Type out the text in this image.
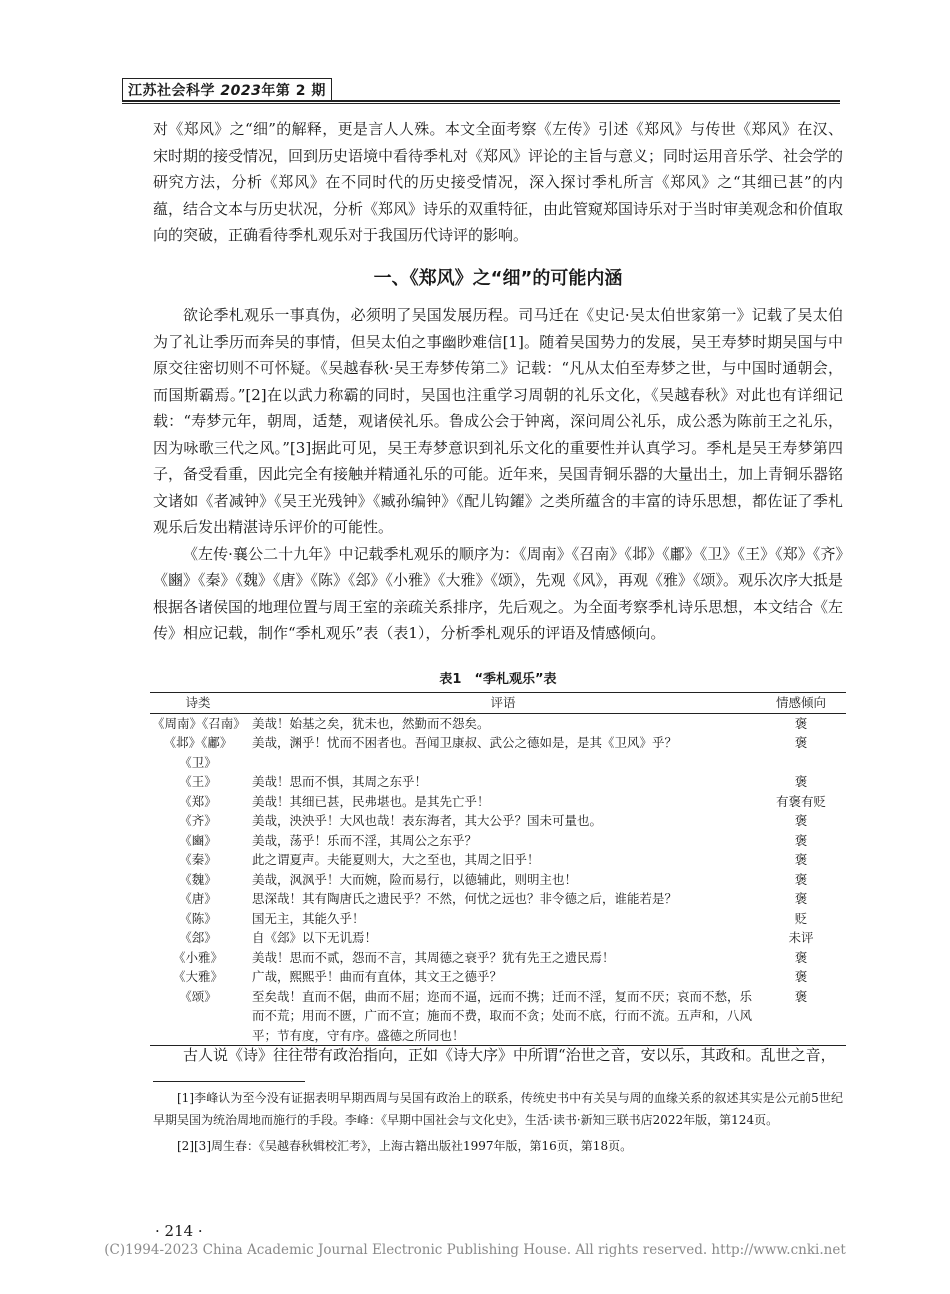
江苏社会科学 2023年第 2 期

对《郑风》之“细”的解释，更是言人人殊。本文全面考察《左传》引述《郑风》与传世《郑风》在汉、宋时期的接受情况，回到历史语境中看待季札对《郑风》评论的主旨与意义；同时运用音乐学、社会学的研究方法，分析《郑风》在不同时代的历史接受情况，深入探讨季札所言《郑风》之“其细已甚”的内蕴，结合文本与历史状况，分析《郑风》诗乐的双重特征，由此管窥郑国诗乐对于当时审美观念和价值取向的突破，正确看待季札观乐对于我国历代诗评的影响。

一、《郑风》之“细”的可能内涵

欲论季札观乐一事真伪，必须明了吴国发展历程。司马迁在《史记·吴太伯世家第一》记载了吴太伯为了礼让季历而奔吴的事情，但吴太伯之事幽眇难信[1]。随着吴国势力的发展，吴王寿梦时期吴国与中原交往密切则不可怀疑。《吴越春秋·吴王寿梦传第二》记载：“凡从太伯至寿梦之世，与中国时通朝会，而国斯霸焉。”[2]在以武力称霸的同时，吴国也注重学习周朝的礼乐文化，《吴越春秋》对此也有详细记载：“寿梦元年，朝周，适楚，观诸侯礼乐。鲁成公会于钟离，深问周公礼乐，成公悉为陈前王之礼乐，因为咏歌三代之风。”[3]据此可见，吴王寿梦意识到礼乐文化的重要性并认真学习。季札是吴王寿梦第四子，备受看重，因此完全有接触并精通礼乐的可能。近年来，吴国青铜乐器的大量出土，加上青铜乐器铭文诸如《者减钟》《吴王光残钟》《臧孙编钟》《配儿钩鑃》之类所蕴含的丰富的诗乐思想，都佐证了季札观乐后发出精湛诗乐评价的可能性。

《左传·襄公二十九年》中记载季札观乐的顺序为：《周南》《召南》《邶》《鄘》《卫》《王》《郑》《齐》《豳》《秦》《魏》《唐》《陈》《郐》《小雅》《大雅》《颂》，先观《风》，再观《雅》《颂》。观乐次序大抵是根据各诸侯国的地理位置与周王室的亲疏关系排序，先后观之。为全面考察季札诗乐思想，本文结合《左传》相应记载，制作“季札观乐”表（表1），分析季札观乐的评语及情感倾向。

表1　“季札观乐”表
诗类	评语	情感倾向
《周南》《召南》	美哉！始基之矣，犹未也，然勤而不怨矣。	褒
《邶》《鄘》《卫》	美哉，渊乎！忧而不困者也。吾闻卫康叔、武公之德如是，是其《卫风》乎？	褒
《王》	美哉！思而不惧，其周之东乎！	褒
《郑》	美哉！其细已甚，民弗堪也。是其先亡乎！	有褒有贬
《齐》	美哉，泱泱乎！大风也哉！表东海者，其大公乎？国未可量也。	褒
《豳》	美哉，荡乎！乐而不淫，其周公之东乎？	褒
《秦》	此之谓夏声。夫能夏则大，大之至也，其周之旧乎！	褒
《魏》	美哉，沨沨乎！大而婉，险而易行，以德辅此，则明主也！	褒
《唐》	思深哉！其有陶唐氏之遗民乎？不然，何忧之远也？非令德之后，谁能若是？	褒
《陈》	国无主，其能久乎！	贬
《郐》	自《郐》以下无讥焉！	未评
《小雅》	美哉！思而不贰，怨而不言，其周德之衰乎？犹有先王之遗民焉！	褒
《大雅》	广哉，熙熙乎！曲而有直体，其文王之德乎？	褒
《颂》	至矣哉！直而不倨，曲而不屈；迩而不逼，远而不携；迁而不淫，复而不厌；哀而不愁，乐而不荒；用而不匮，广而不宣；施而不费，取而不贪；处而不底，行而不流。五声和，八风平；节有度，守有序。盛德之所同也！	褒
古人说《诗》往往带有政治指向，正如《诗大序》中所谓“治世之音，安以乐，其政和。乱世之音，

[1]李峰认为至今没有证据表明早期西周与吴国有政治上的联系，传统史书中有关吴与周的血缘关系的叙述其实是公元前5世纪早期吴国为统治周地而施行的手段。李峰：《早期中国社会与文化史》，生活·读书·新知三联书店2022年版，第124页。

[2][3]周生春：《吴越春秋辑校汇考》，上海古籍出版社1997年版，第16页，第18页。

· 214 ·
(C)1994-2023 China Academic Journal Electronic Publishing House. All rights reserved. http://www.cnki.net
